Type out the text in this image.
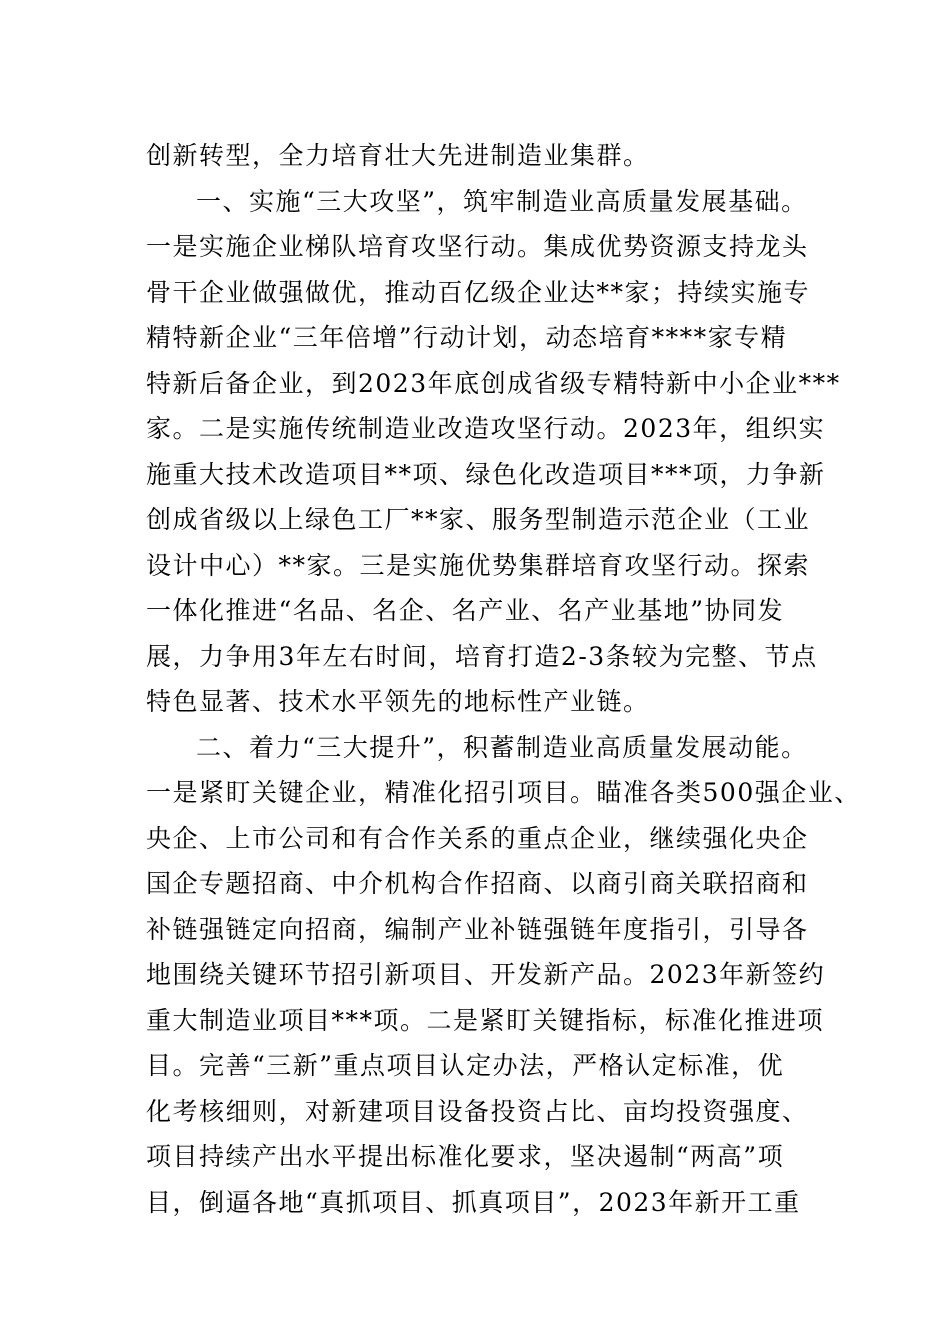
创新转型，全力培育壮大先进制造业集群。
一、实施“三大攻坚”，筑牢制造业高质量发展基础。
一是实施企业梯队培育攻坚行动。集成优势资源支持龙头
骨干企业做强做优，推动百亿级企业达**家；持续实施专
精特新企业“三年倍增”行动计划，动态培育****家专精
特新后备企业，到2023年底创成省级专精特新中小企业***
家。二是实施传统制造业改造攻坚行动。2023年，组织实
施重大技术改造项目**项、绿色化改造项目***项，力争新
创成省级以上绿色工厂**家、服务型制造示范企业（工业
设计中心）**家。三是实施优势集群培育攻坚行动。探索
一体化推进“名品、名企、名产业、名产业基地”协同发
展，力争用3年左右时间，培育打造2-3条较为完整、节点
特色显著、技术水平领先的地标性产业链。
二、着力“三大提升”，积蓄制造业高质量发展动能。
一是紧盯关键企业，精准化招引项目。瞄准各类500强企业、
央企、上市公司和有合作关系的重点企业，继续强化央企
国企专题招商、中介机构合作招商、以商引商关联招商和
补链强链定向招商，编制产业补链强链年度指引，引导各
地围绕关键环节招引新项目、开发新产品。2023年新签约
重大制造业项目***项。二是紧盯关键指标，标准化推进项
目。完善“三新”重点项目认定办法，严格认定标准，优
化考核细则，对新建项目设备投资占比、亩均投资强度、
项目持续产出水平提出标准化要求，坚决遏制“两高”项
目，倒逼各地“真抓项目、抓真项目”，2023年新开工重
